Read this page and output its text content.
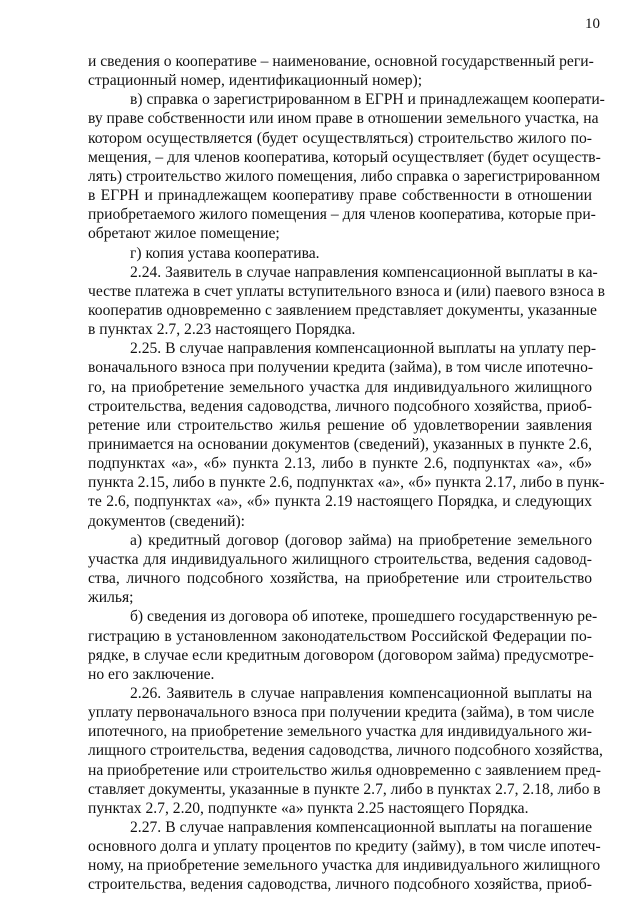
10
и сведения о кооперативе – наименование, основной государственный реги-
страционный номер, идентификационный номер);
в) справка о зарегистрированном в ЕГРН и принадлежащем кооперати-
ву праве собственности или ином праве в отношении земельного участка, на
котором осуществляется (будет осуществляться) строительство жилого по-
мещения, – для членов кооператива, который осуществляет (будет осуществ-
лять) строительство жилого помещения, либо справка о зарегистрированном
в ЕГРН и принадлежащем кооперативу праве собственности в отношении
приобретаемого жилого помещения – для членов кооператива, которые при-
обретают жилое помещение;
г) копия устава кооператива.
2.24. Заявитель в случае направления компенсационной выплаты в ка-
честве платежа в счет уплаты вступительного взноса и (или) паевого взноса в
кооператив одновременно с заявлением представляет документы, указанные
в пунктах 2.7, 2.23 настоящего Порядка.
2.25. В случае направления компенсационной выплаты на уплату пер-
воначального взноса при получении кредита (займа), в том числе ипотечно-
го, на приобретение земельного участка для индивидуального жилищного
строительства, ведения садоводства, личного подсобного хозяйства, приоб-
ретение или строительство жилья решение об удовлетворении заявления
принимается на основании документов (сведений), указанных в пункте 2.6,
подпунктах «а», «б» пункта 2.13, либо в пункте 2.6, подпунктах «а», «б»
пункта 2.15, либо в пункте 2.6, подпунктах «а», «б» пункта 2.17, либо в пунк-
те 2.6, подпунктах «а», «б» пункта 2.19 настоящего Порядка, и следующих
документов (сведений):
а) кредитный договор (договор займа) на приобретение земельного
участка для индивидуального жилищного строительства, ведения садовод-
ства, личного подсобного хозяйства, на приобретение или строительство
жилья;
б) сведения из договора об ипотеке, прошедшего государственную ре-
гистрацию в установленном законодательством Российской Федерации по-
рядке, в случае если кредитным договором (договором займа) предусмотре-
но его заключение.
2.26. Заявитель в случае направления компенсационной выплаты на
уплату первоначального взноса при получении кредита (займа), в том числе
ипотечного, на приобретение земельного участка для индивидуального жи-
лищного строительства, ведения садоводства, личного подсобного хозяйства,
на приобретение или строительство жилья одновременно с заявлением пред-
ставляет документы, указанные в пункте 2.7, либо в пунктах 2.7, 2.18, либо в
пунктах 2.7, 2.20, подпункте «а» пункта 2.25 настоящего Порядка.
2.27. В случае направления компенсационной выплаты на погашение
основного долга и уплату процентов по кредиту (займу), в том числе ипотеч-
ному, на приобретение земельного участка для индивидуального жилищного
строительства, ведения садоводства, личного подсобного хозяйства, приоб-
